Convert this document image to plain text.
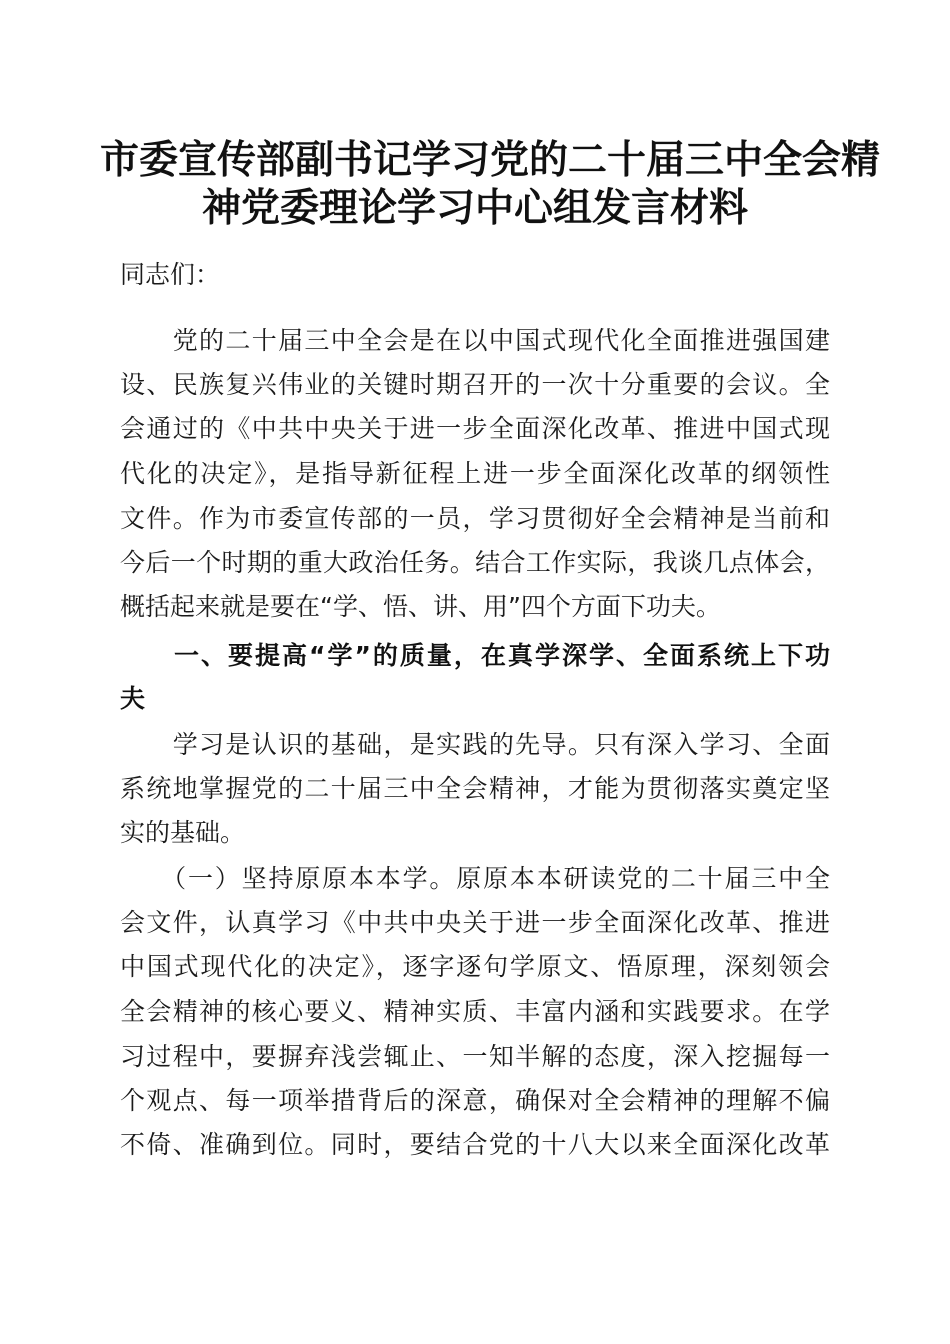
市委宣传部副书记学习党的二十届三中全会精
神党委理论学习中心组发言材料
同志们：
　　党的二十届三中全会是在以中国式现代化全面推进强国建
设、民族复兴伟业的关键时期召开的一次十分重要的会议。全
会通过的《中共中央关于进一步全面深化改革、推进中国式现
代化的决定》，是指导新征程上进一步全面深化改革的纲领性
文件。作为市委宣传部的一员，学习贯彻好全会精神是当前和
今后一个时期的重大政治任务。结合工作实际，我谈几点体会，
概括起来就是要在“学、悟、讲、用”四个方面下功夫。
　　一、要提高“学”的质量，在真学深学、全面系统上下功
夫
　　学习是认识的基础，是实践的先导。只有深入学习、全面
系统地掌握党的二十届三中全会精神，才能为贯彻落实奠定坚
实的基础。
　　（一）坚持原原本本学。原原本本研读党的二十届三中全
会文件，认真学习《中共中央关于进一步全面深化改革、推进
中国式现代化的决定》，逐字逐句学原文、悟原理，深刻领会
全会精神的核心要义、精神实质、丰富内涵和实践要求。在学
习过程中，要摒弃浅尝辄止、一知半解的态度，深入挖掘每一
个观点、每一项举措背后的深意，确保对全会精神的理解不偏
不倚、准确到位。同时，要结合党的十八大以来全面深化改革
